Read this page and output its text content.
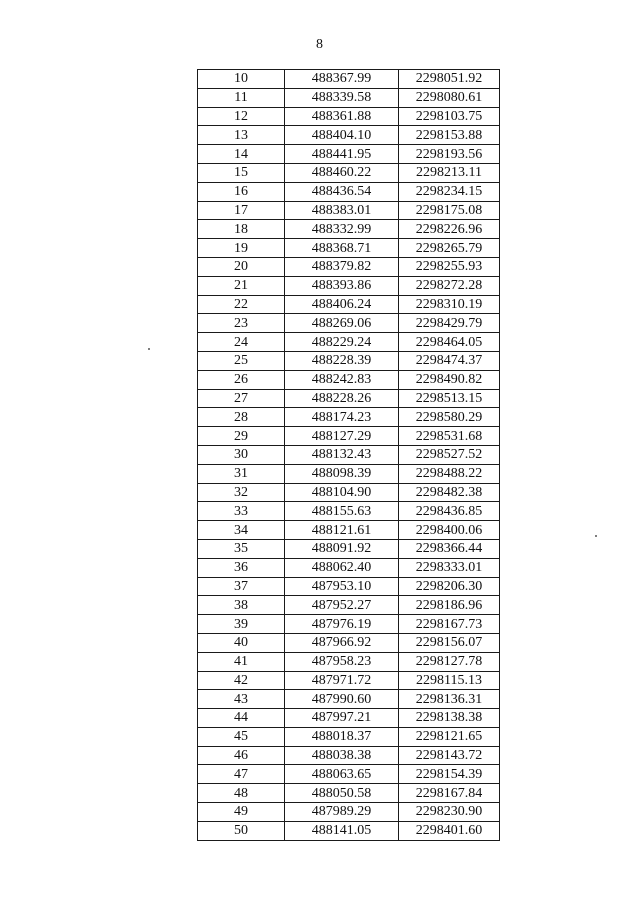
8
10	488367.99	2298051.92
11	488339.58	2298080.61
12	488361.88	2298103.75
13	488404.10	2298153.88
14	488441.95	2298193.56
15	488460.22	2298213.11
16	488436.54	2298234.15
17	488383.01	2298175.08
18	488332.99	2298226.96
19	488368.71	2298265.79
20	488379.82	2298255.93
21	488393.86	2298272.28
22	488406.24	2298310.19
23	488269.06	2298429.79
24	488229.24	2298464.05
25	488228.39	2298474.37
26	488242.83	2298490.82
27	488228.26	2298513.15
28	488174.23	2298580.29
29	488127.29	2298531.68
30	488132.43	2298527.52
31	488098.39	2298488.22
32	488104.90	2298482.38
33	488155.63	2298436.85
34	488121.61	2298400.06
35	488091.92	2298366.44
36	488062.40	2298333.01
37	487953.10	2298206.30
38	487952.27	2298186.96
39	487976.19	2298167.73
40	487966.92	2298156.07
41	487958.23	2298127.78
42	487971.72	2298115.13
43	487990.60	2298136.31
44	487997.21	2298138.38
45	488018.37	2298121.65
46	488038.38	2298143.72
47	488063.65	2298154.39
48	488050.58	2298167.84
49	487989.29	2298230.90
50	488141.05	2298401.60
